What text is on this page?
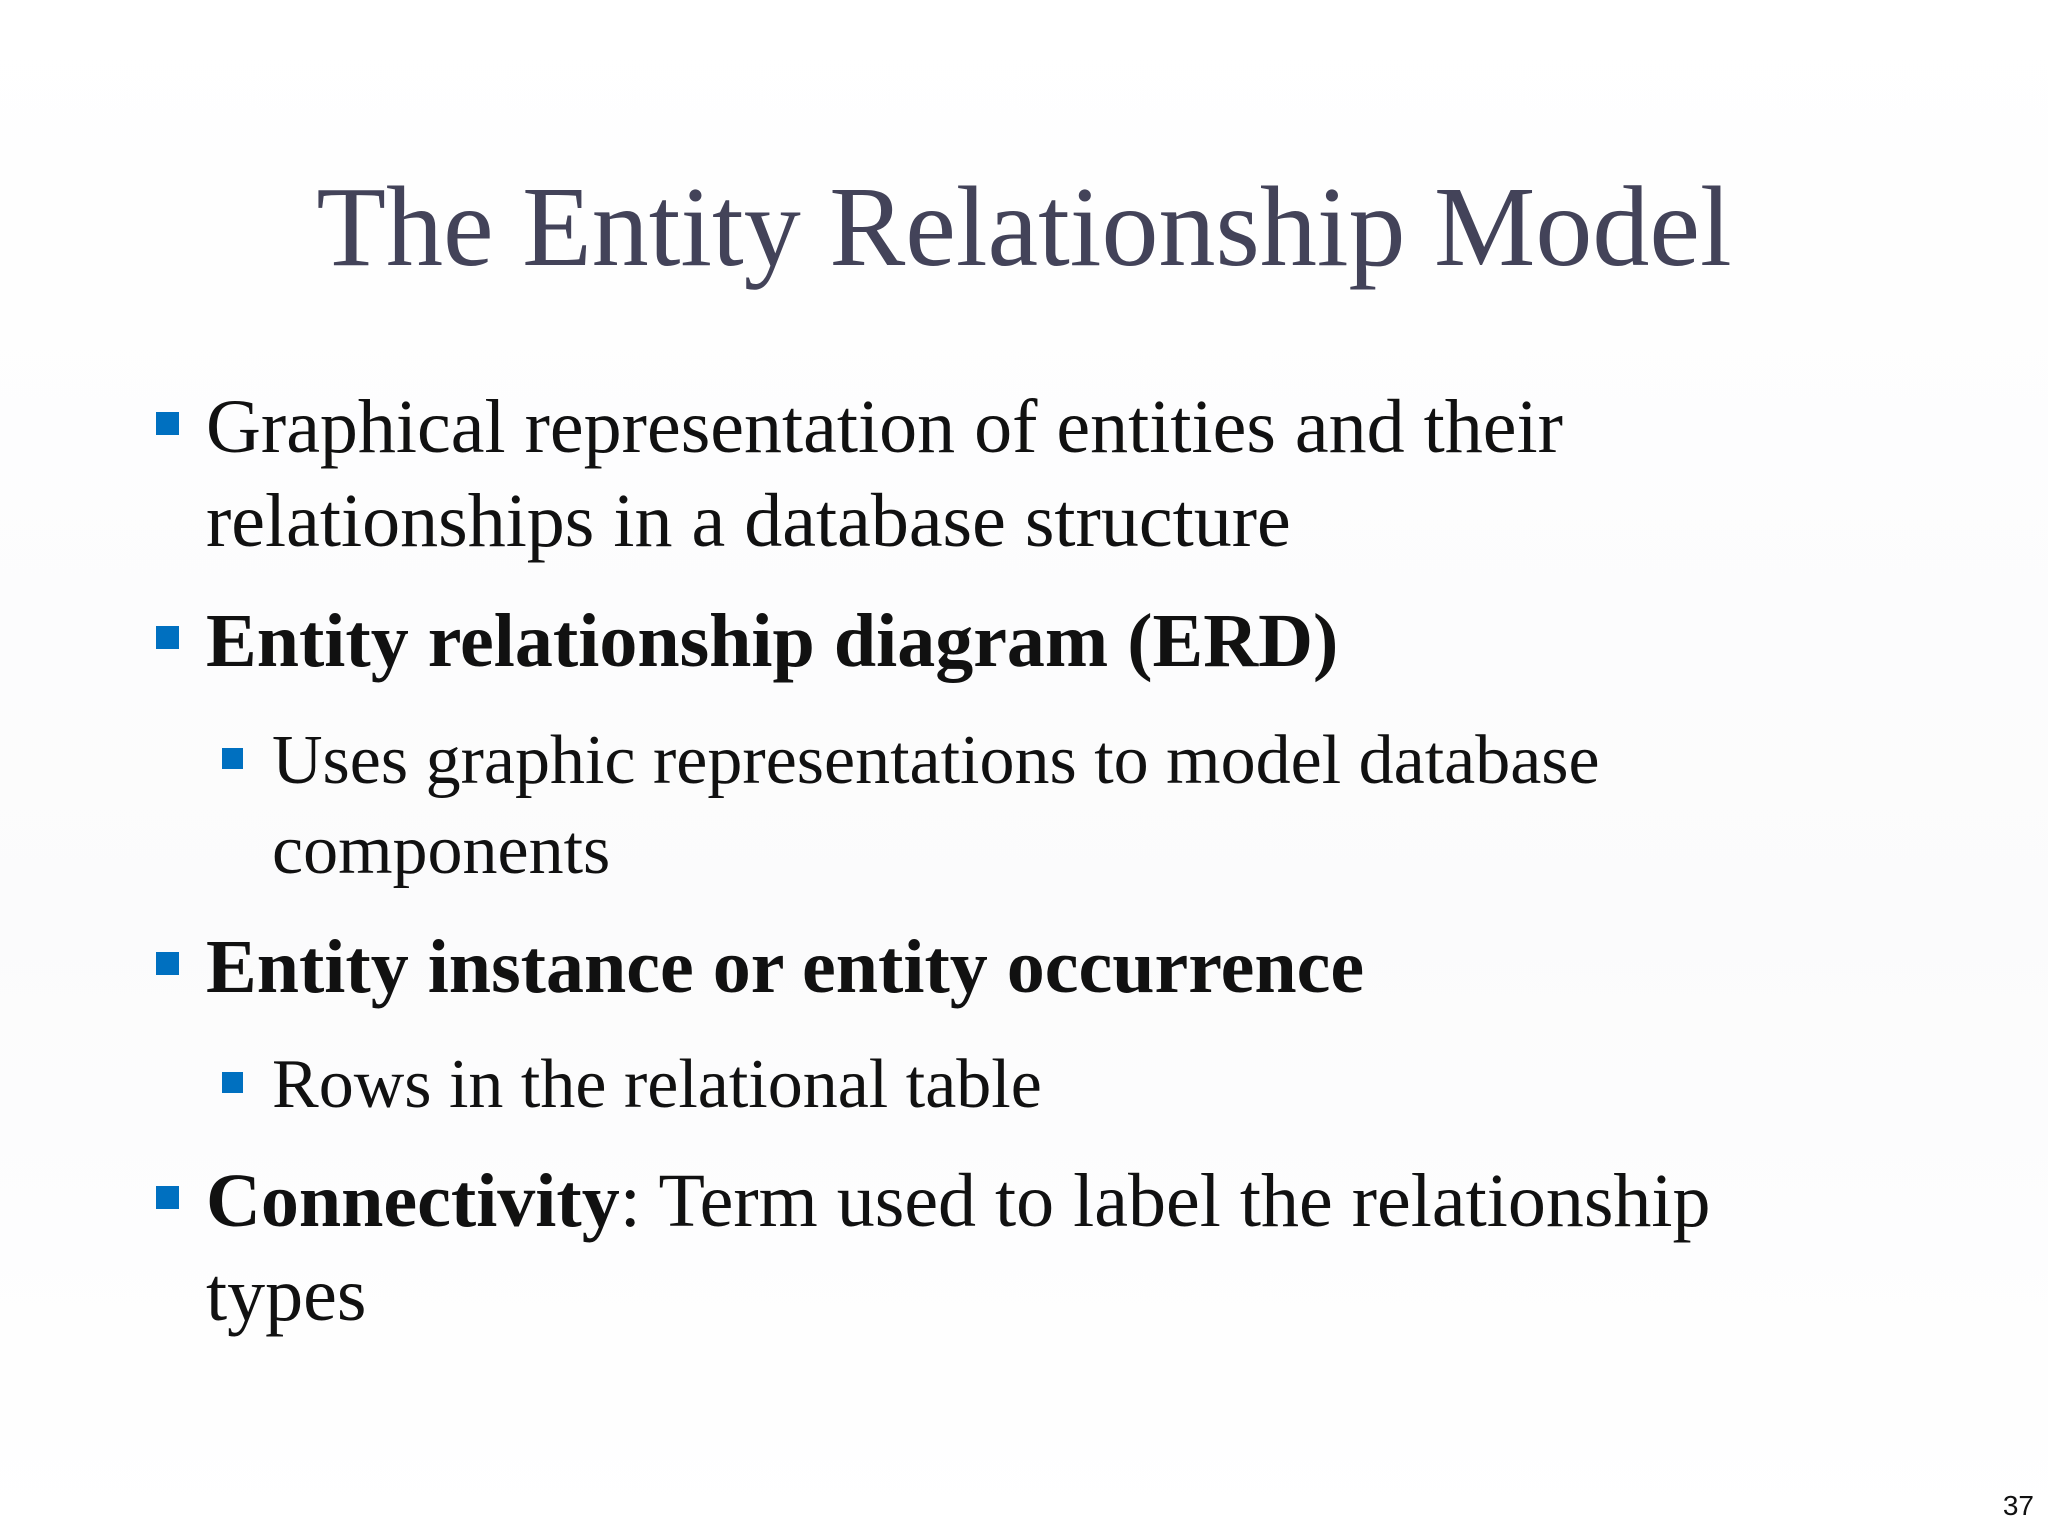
The Entity Relationship Model
Graphical representation of entities and their relationships in a database structure
Entity relationship diagram (ERD)
Uses graphic representations to model database components
Entity instance or entity occurrence
Rows in the relational table
Connectivity: Term used to label the relationship types
37
